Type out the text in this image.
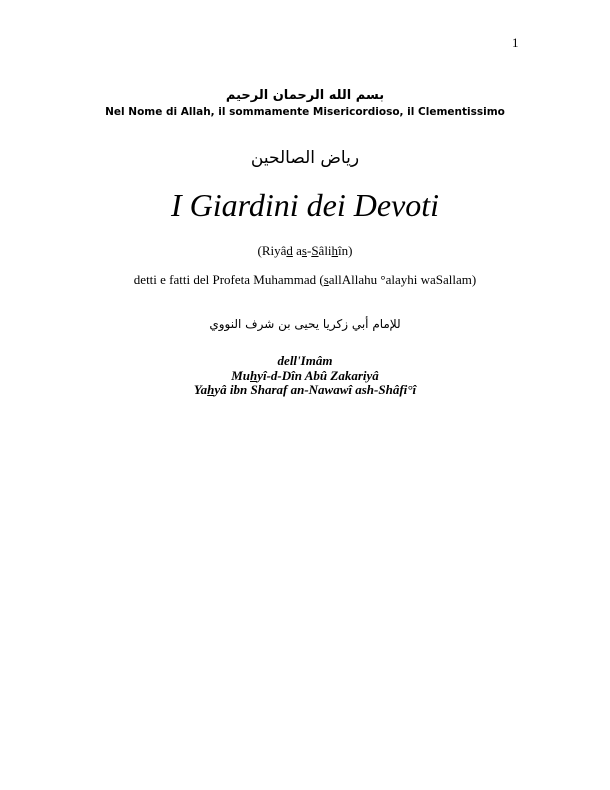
1
بسم الله الرحمان الرحيم
Nel Nome di Allah, il sommamente Misericordioso, il Clementissimo
رياض الصالحين
I Giardini dei Devoti
(Riyâd as-Sâlihîn)
detti e fatti del Profeta Muhammad (sallAllahu °alayhi waSallam)
للإمام أبي زكريا يحيى بن شرف النووي
dell'Imâm
Muhyî-d-Dîn Abû Zakariyâ
Yahyâ ibn Sharaf an-Nawawî ash-Shâfi°î
